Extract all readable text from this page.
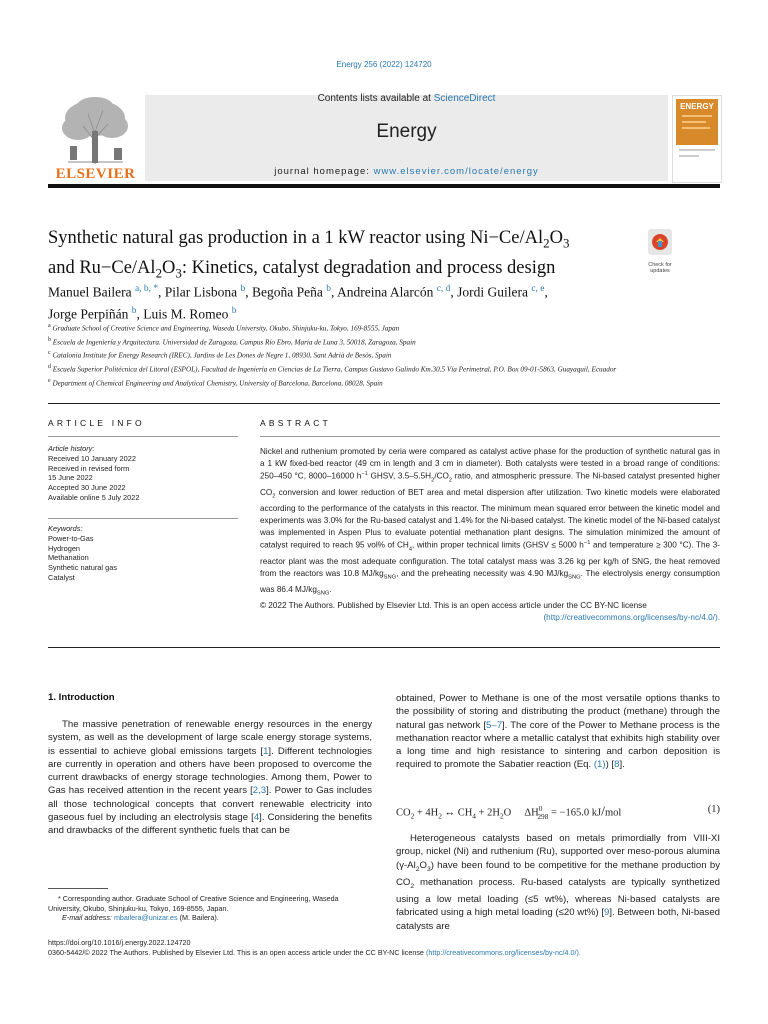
Energy 256 (2022) 124720
ELSEVIER
Contents lists available at ScienceDirect
Energy
journal homepage: www.elsevier.com/locate/energy
ENERGY
Synthetic natural gas production in a 1 kW reactor using $Ni-Ce/Al_2O_3$
and $Ru-Ce/Al_2O_3$: Kinetics, catalyst degradation and process design	Check for updates
Manuel Bailera $^{a, b, *}$, Pilar Lisbona $^b$, Begoña Peña $^b$, Andreina Alarcón $^{c, d}$, Jordi Guilera $^{c, e}$,
Jorge Perpiñán $^b$, Luis M. Romeo $^b$
$^a$ Graduate School of Creative Science and Engineering, Waseda University, Okubo, Shinjuku-ku, Tokyo, 169-8555, Japan
$^b$ Escuela de Ingeniería y Arquitectura. Universidad de Zaragoza, Campus Río Ebro, María de Luna 3, 50018, Zaragoza, Spain
$^c$ Catalonia Institute for Energy Research (IREC), Jardins de Les Dones de Negre 1, 08930, Sant Adrià de Besòs, Spain
$^d$ Escuela Superior Politécnica del Litoral (ESPOL), Facultad de Ingeniería en Ciencias de La Tierra, Campus Gustavo Galindo Km.30.5 Vía Perimetral, P.O. Box 09-01-5863, Guayaquil, Ecuador
$^e$ Department of Chemical Engineering and Analytical Chemistry, University of Barcelona, Barcelona, 08028, Spain
ARTICLE INFO
Article history:
Received 10 January 2022
Received in revised form
15 June 2022
Accepted 30 June 2022
Available online 5 July 2022
Keywords:
Power-to-Gas
Hydrogen
Methanation
Synthetic natural gas
Catalyst
ABSTRACT
Nickel and ruthenium promoted by ceria were compared as catalyst active phase for the production of synthetic natural gas in a 1 kW fixed-bed reactor (49 cm in length and 3 cm in diameter). Both catalysts were tested in a broad range of conditions: 250–450 °C, 8000–16000 $h^{-1}$ GHSV, $3.5-5.5H_2/CO_2$ ratio, and atmospheric pressure. The Ni-based catalyst presented higher $CO_2$ conversion and lower reduction of BET area and metal dispersion after utilization. Two kinetic models were elaborated according to the performance of the catalysts in this reactor. The minimum mean squared error between the kinetic model and experiments was 3.0% for the Ru-based catalyst and 1.4% for the Ni-based catalyst. The kinetic model of the Ni-based catalyst was implemented in Aspen Plus to evaluate potential methanation plant designs. The simulation minimized the amount of catalyst required to reach 95 vol% of $CH_4$, within proper technical limits (GHSV ≤ 5000 $h^{-1}$ and temperature ≥ 300 °C). The 3-reactor plant was the most adequate configuration. The total catalyst mass was 3.26 kg per kg/h of SNG, the heat removed from the reactors was 10.8 $MJ/kg_{SNG}$, and the preheating necessity was 4.90 $MJ/kg_{SNG}$. The electrolysis energy consumption was 86.4 $MJ/kg_{SNG}$.
© 2022 The Authors. Published by Elsevier Ltd. This is an open access article under the CC BY-NC license
(http://creativecommons.org/licenses/by-nc/4.0/).
1. Introduction

The massive penetration of renewable energy resources in the energy system, as well as the development of large scale energy storage systems, is essential to achieve global emissions targets [1]. Different technologies are currently in operation and others have been proposed to overcome the current drawbacks of energy storage technologies. Among them, Power to Gas has received attention in the recent years [2,3]. Power to Gas includes all those technological concepts that convert renewable electricity into gaseous fuel by including an electrolysis stage [4]. Considering the benefits and drawbacks of the different synthetic fuels that can be

* Corresponding author. Graduate School of Creative Science and Engineering, Waseda University, Okubo, Shinjuku-ku, Tokyo, 169-8555, Japan.
E-mail address: mbailera@unizar.es (M. Bailera).

obtained, Power to Methane is one of the most versatile options thanks to the possibility of storing and distributing the product (methane) through the natural gas network [5–7]. The core of the Power to Methane process is the methanation reactor where a metallic catalyst that exhibits high stability over a long time and high resistance to sintering and carbon deposition is required to promote the Sabatier reaction (Eq. (1)) [8].

$CO_2 + 4H_2$ ↔ $CH_4 + 2H_2O$     $\Delta H^0_{298} = -165.0$ kJ/mol	(1)

Heterogeneous catalysts based on metals primordially from VIII-XI group, nickel (Ni) and ruthenium (Ru), supported over meso-porous alumina $(\gamma-Al_2O_3)$ have been found to be competitive for the methane production by $CO_2$ methanation process. Ru-based catalysts are typically synthetized using a low metal loading (≤5 wt%), whereas Ni-based catalysts are fabricated using a high metal loading (≤20 wt%) [9]. Between both, Ni-based catalysts are

https://doi.org/10.1016/j.energy.2022.124720
0360-5442/© 2022 The Authors. Published by Elsevier Ltd. This is an open access article under the CC BY-NC license (http://creativecommons.org/licenses/by-nc/4.0/).
